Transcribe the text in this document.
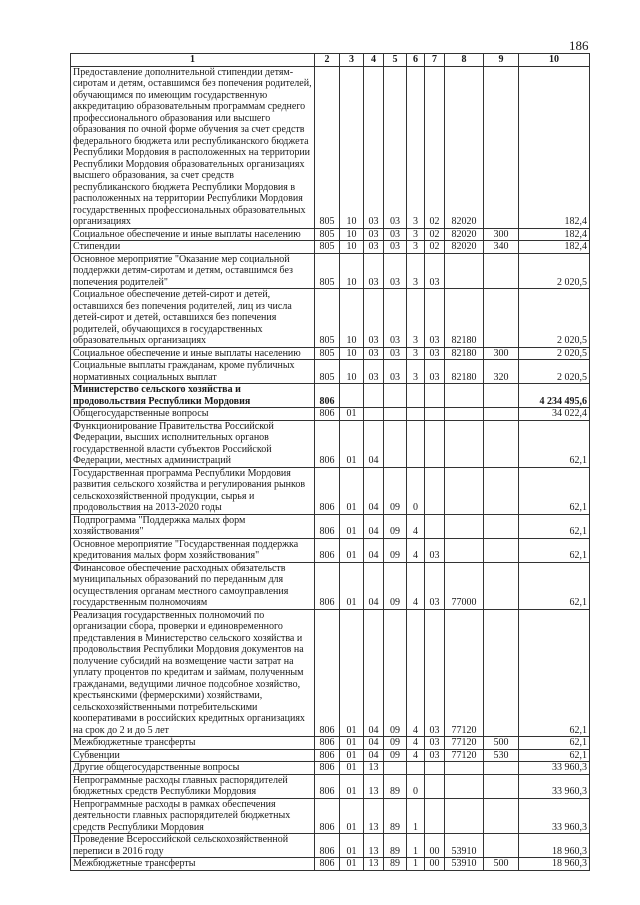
186
1	2	3	4	5	6	7	8	9	10
Предоставление дополнительной стипендии детям-сиротам и детям, оставшимся без попечения родителей, обучающимся по имеющим государственную аккредитацию образовательным программам среднего профессионального образования или высшего образования по очной форме обучения за счет средств федерального бюджета или республиканского бюджета Республики Мордовия в расположенных на территории Республики Мордовия образовательных организациях высшего образования, за счет средств республиканского бюджета Республики Мордовия в расположенных на территории Республики Мордовия государственных профессиональных образовательных организациях	805	10	03	03	3	02	82020		182,4
Социальное обеспечение и иные выплаты населению	805	10	03	03	3	02	82020	300	182,4
Стипендии	805	10	03	03	3	02	82020	340	182,4
Основное мероприятие "Оказание мер социальной поддержки детям-сиротам и детям, оставшимся без попечения родителей"	805	10	03	03	3	03			2 020,5
Социальное обеспечение детей-сирот и детей, оставшихся без попечения родителей, лиц из числа детей-сирот и детей, оставшихся без попечения родителей, обучающихся в государственных образовательных организациях	805	10	03	03	3	03	82180		2 020,5
Социальное обеспечение и иные выплаты населению	805	10	03	03	3	03	82180	300	2 020,5
Социальные выплаты гражданам, кроме публичных нормативных социальных выплат	805	10	03	03	3	03	82180	320	2 020,5
Министерство сельского хозяйства и продовольствия Республики Мордовия	806								4 234 495,6
Общегосударственные вопросы	806	01							34 022,4
Функционирование Правительства Российской Федерации, высших исполнительных органов государственной власти субъектов Российской Федерации, местных администраций	806	01	04						62,1
Государственная программа Республики Мордовия развития сельского хозяйства и регулирования рынков сельскохозяйственной продукции, сырья и продовольствия на 2013-2020 годы	806	01	04	09	0				62,1
Подпрограмма "Поддержка малых форм хозяйствования"	806	01	04	09	4				62,1
Основное мероприятие "Государственная поддержка кредитования малых форм хозяйствования"	806	01	04	09	4	03			62,1
Финансовое обеспечение расходных обязательств муниципальных образований по переданным для осуществления органам местного самоуправления государственным полномочиям	806	01	04	09	4	03	77000		62,1
Реализация государственных полномочий по организации сбора, проверки и единовременного представления в Министерство сельского хозяйства и продовольствия Республики Мордовия документов на получение субсидий на возмещение части затрат на уплату процентов по кредитам и займам, полученным гражданами, ведущими личное подсобное хозяйство, крестьянскими (фермерскими) хозяйствами, сельскохозяйственными потребительскими кооперативами в российских кредитных организациях на срок до 2 и до 5 лет	806	01	04	09	4	03	77120		62,1
Межбюджетные трансферты	806	01	04	09	4	03	77120	500	62,1
Субвенции	806	01	04	09	4	03	77120	530	62,1
Другие общегосударственные вопросы	806	01	13						33 960,3
Непрограммные расходы главных распорядителей бюджетных средств Республики Мордовия	806	01	13	89	0				33 960,3
Непрограммные расходы в рамках обеспечения деятельности главных распорядителей бюджетных средств Республики Мордовия	806	01	13	89	1				33 960,3
Проведение Всероссийской сельскохозяйственной переписи в 2016 году	806	01	13	89	1	00	53910		18 960,3
Межбюджетные трансферты	806	01	13	89	1	00	53910	500	18 960,3
